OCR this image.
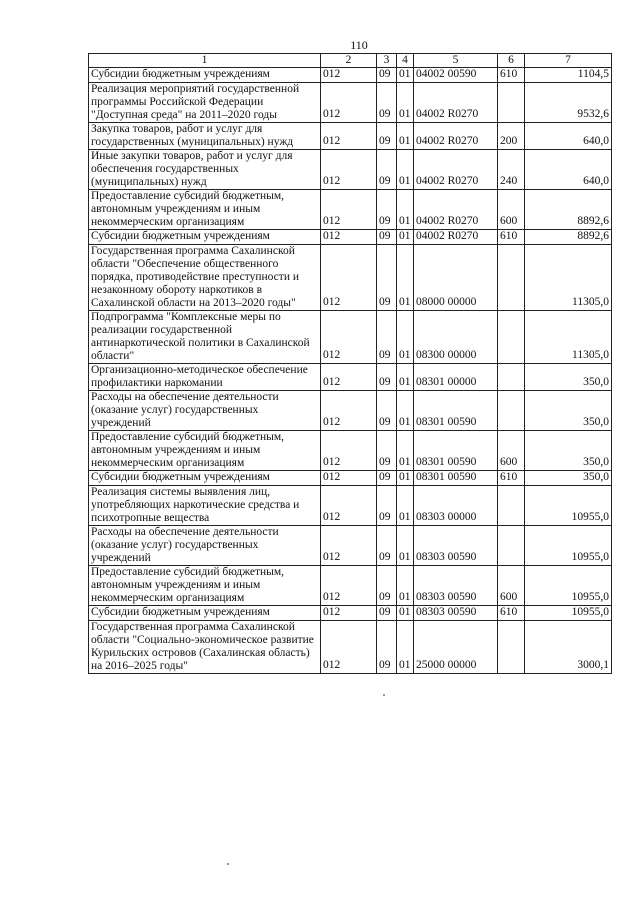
110
1	2	3	4	5	6	7
Субсидии бюджетным учреждениям	012	09	01	04002 00590	610	1104,5
Реализация мероприятий государственной программы Российской Федерации "Доступная среда" на 2011–2020 годы	012	09	01	04002 R0270		9532,6
Закупка товаров, работ и услуг для государственных (муниципальных) нужд	012	09	01	04002 R0270	200	640,0
Иные закупки товаров, работ и услуг для обеспечения государственных (муниципальных) нужд	012	09	01	04002 R0270	240	640,0
Предоставление субсидий бюджетным, автономным учреждениям и иным некоммерческим организациям	012	09	01	04002 R0270	600	8892,6
Субсидии бюджетным учреждениям	012	09	01	04002 R0270	610	8892,6
Государственная программа Сахалинской области "Обеспечение общественного порядка, противодействие преступности и незаконному обороту наркотиков в Сахалинской области на 2013–2020 годы"	012	09	01	08000 00000		11305,0
Подпрограмма "Комплексные меры по реализации государственной антинаркотической политики в Сахалинской области"	012	09	01	08300 00000		11305,0
Организационно-методическое обеспечение профилактики наркомании	012	09	01	08301 00000		350,0
Расходы на обеспечение деятельности (оказание услуг) государственных учреждений	012	09	01	08301 00590		350,0
Предоставление субсидий бюджетным, автономным учреждениям и иным некоммерческим организациям	012	09	01	08301 00590	600	350,0
Субсидии бюджетным учреждениям	012	09	01	08301 00590	610	350,0
Реализация системы выявления лиц, употребляющих наркотические средства и психотропные вещества	012	09	01	08303 00000		10955,0
Расходы на обеспечение деятельности (оказание услуг) государственных учреждений	012	09	01	08303 00590		10955,0
Предоставление субсидий бюджетным, автономным учреждениям и иным некоммерческим организациям	012	09	01	08303 00590	600	10955,0
Субсидии бюджетным учреждениям	012	09	01	08303 00590	610	10955,0
Государственная программа Сахалинской области "Социально-экономическое развитие Курильских островов (Сахалинская область) на 2016–2025 годы"	012	09	01	25000 00000		3000,1
